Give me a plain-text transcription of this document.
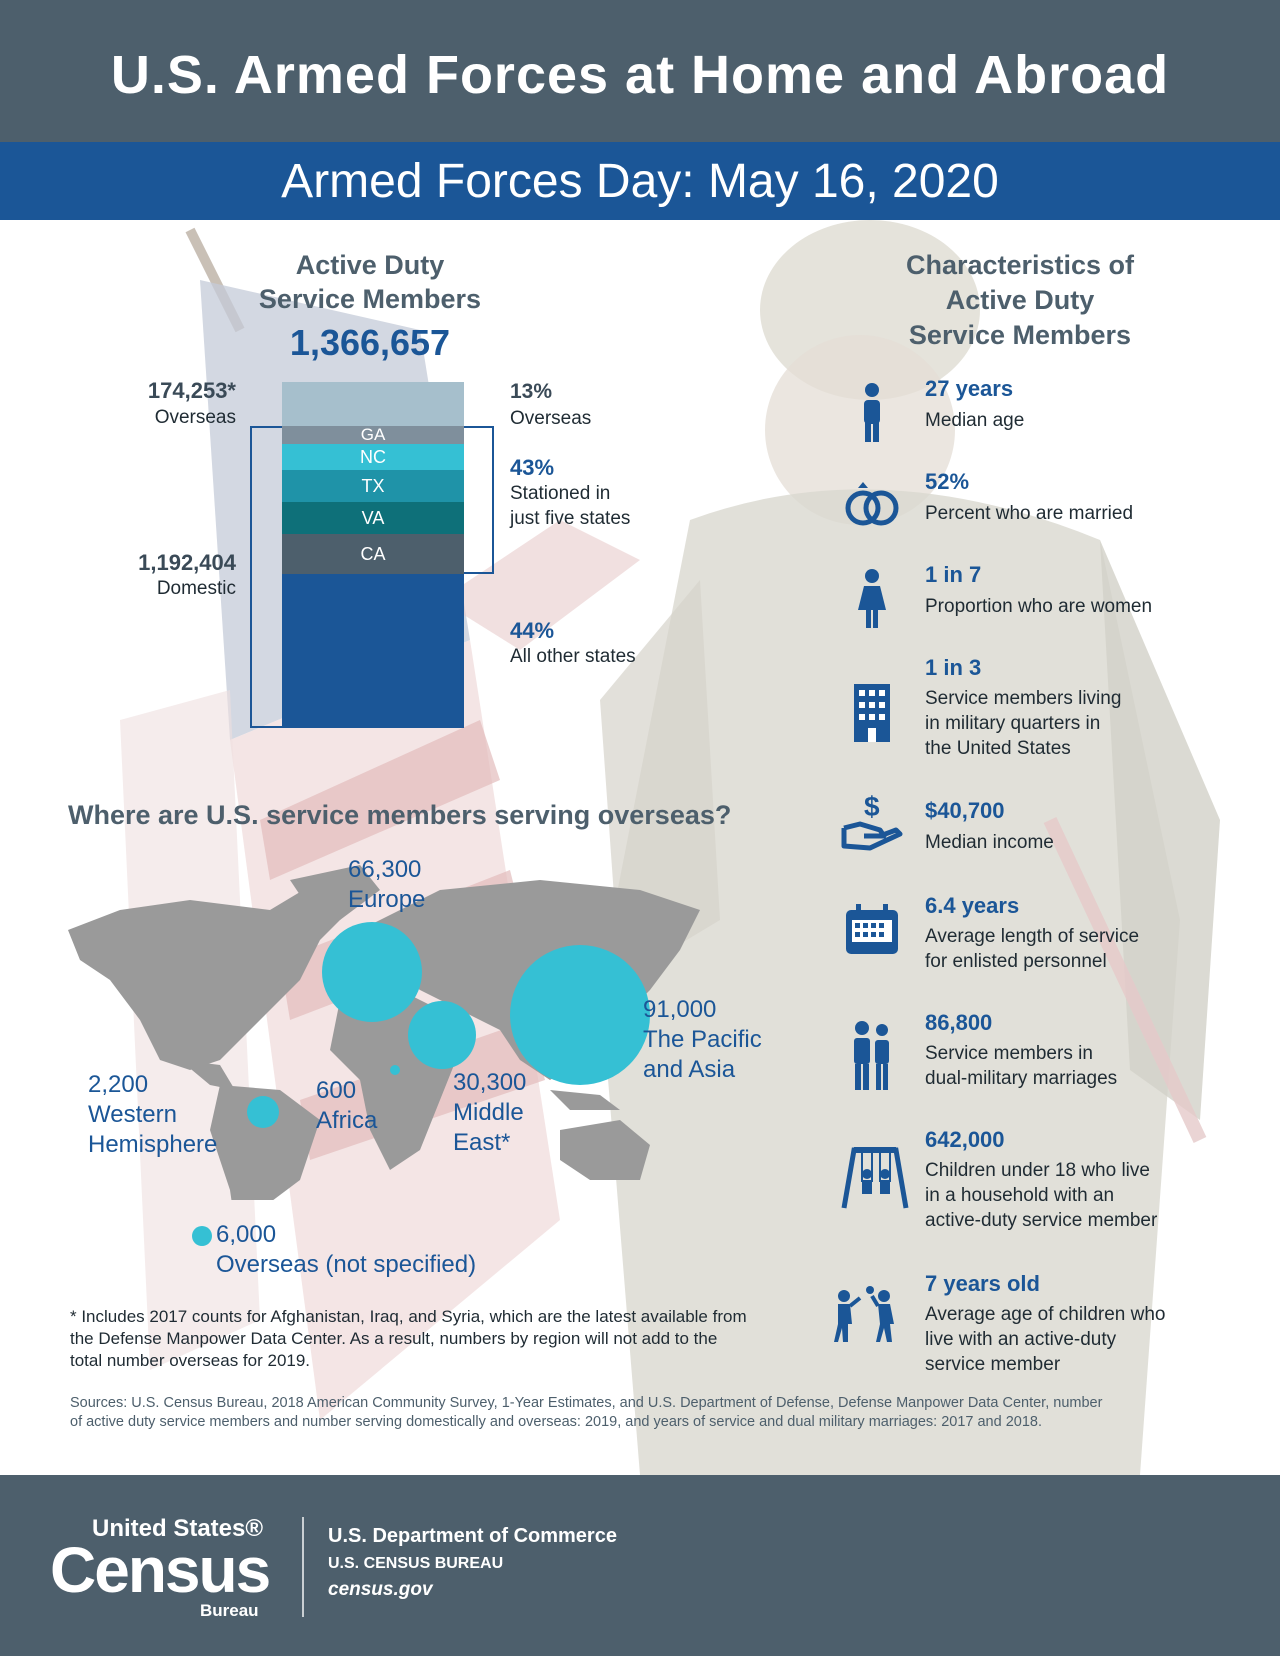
U.S. Armed Forces at Home and Abroad
Armed Forces Day: May 16, 2020
Active Duty
Service Members
1,366,657
174,253*
Overseas
1,192,404
Domestic
GA
NC
TX
VA
CA
13%
Overseas
43%
Stationed in
just five states
44%
All other states
Where are U.S. service members serving overseas?
66,300
Europe
91,000
The Pacific
and Asia
30,300
Middle
East*
600
Africa
2,200
Western
Hemisphere
6,000
Overseas (not specified)
* Includes 2017 counts for Afghanistan, Iraq, and Syria, which are the latest available from the Defense Manpower Data Center. As a result, numbers by region will not add to the total number overseas for 2019.
Sources: U.S. Census Bureau, 2018 American Community Survey, 1-Year Estimates, and U.S. Department of Defense, Defense Manpower Data Center, number of active duty service members and number serving domestically and overseas: 2019, and years of service and dual military marriages: 2017 and 2018.
Characteristics of
Active Duty
Service Members
27 years
Median age
52%
Percent who are married
1 in 7
Proportion who are women
1 in 3
Service members living
in military quarters in
the United States
$ $40,700
Median income
6.4 years
Average length of service
for enlisted personnel
86,800
Service members in
dual-military marriages
642,000
Children under 18 who live
in a household with an
active-duty service member
7 years old
Average age of children who
live with an active-duty
service member
United States®
Census
Bureau
U.S. Department of Commerce
U.S. CENSUS BUREAU
census.gov
